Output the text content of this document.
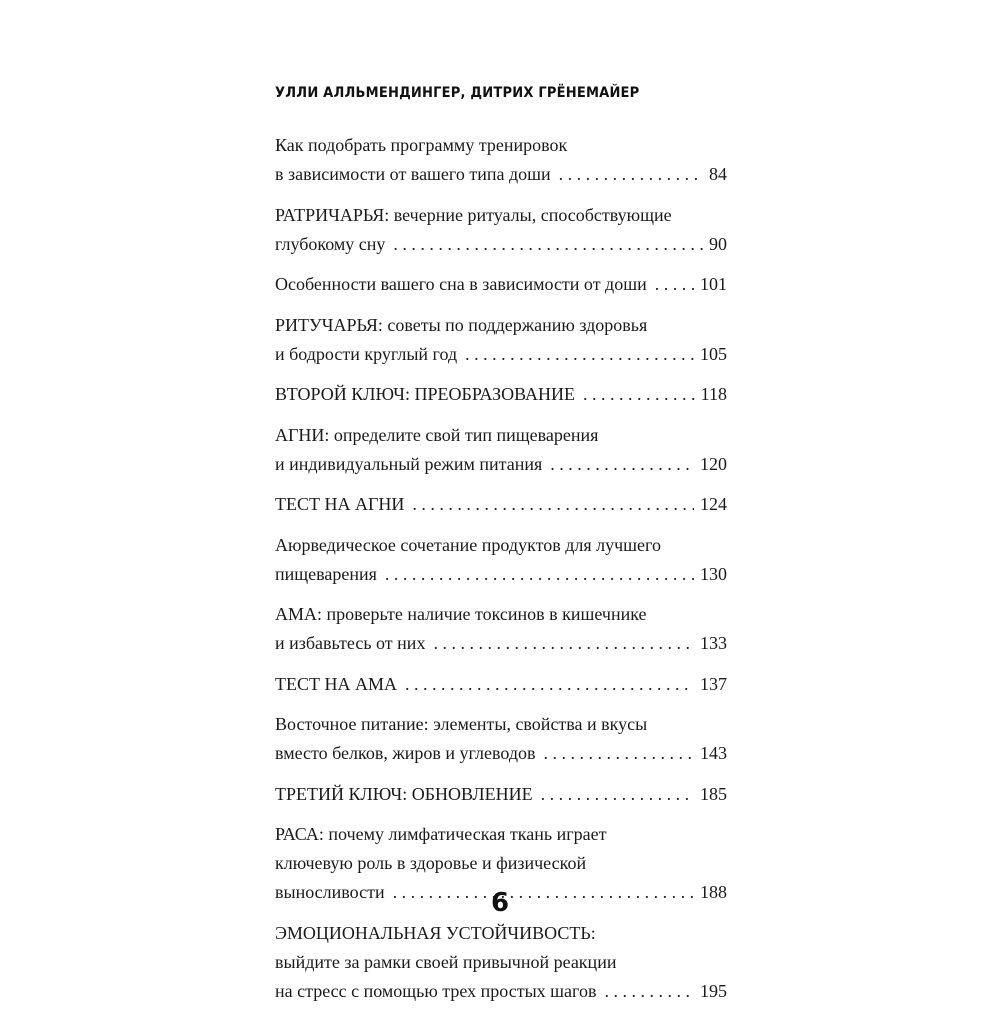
УЛЛИ АЛЛЬМЕНДИНГЕР, ДИТРИХ ГРЁНЕМАЙЕР
Как подобрать программу тренировок
в зависимости от вашего типа доши . . .	84
РАТРИЧАРЬЯ: вечерние ритуалы, способствующие
глубокому сну . . .	90
Особенности вашего сна в зависимости от доши . . .	101
РИТУЧАРЬЯ: советы по поддержанию здоровья
и бодрости круглый год . . .	105
ВТОРОЙ КЛЮЧ: ПРЕОБРАЗОВАНИЕ . . .	118
АГНИ: определите свой тип пищеварения
и индивидуальный режим питания . . .	120
ТЕСТ НА АГНИ . . .	124
Аюрведическое сочетание продуктов для лучшего
пищеварения . . .	130
АМА: проверьте наличие токсинов в кишечнике
и избавьтесь от них . . .	133
ТЕСТ НА АМА . . .	137
Восточное питание: элементы, свойства и вкусы
вместо белков, жиров и углеводов . . .	143
ТРЕТИЙ КЛЮЧ: ОБНОВЛЕНИЕ . . .	185
РАСА: почему лимфатическая ткань играет
ключевую роль в здоровье и физической
выносливости . . .	188
ЭМОЦИОНАЛЬНАЯ УСТОЙЧИВОСТЬ:
выйдите за рамки своей привычной реакции
на стресс с помощью трех простых шагов . . .	195
6
